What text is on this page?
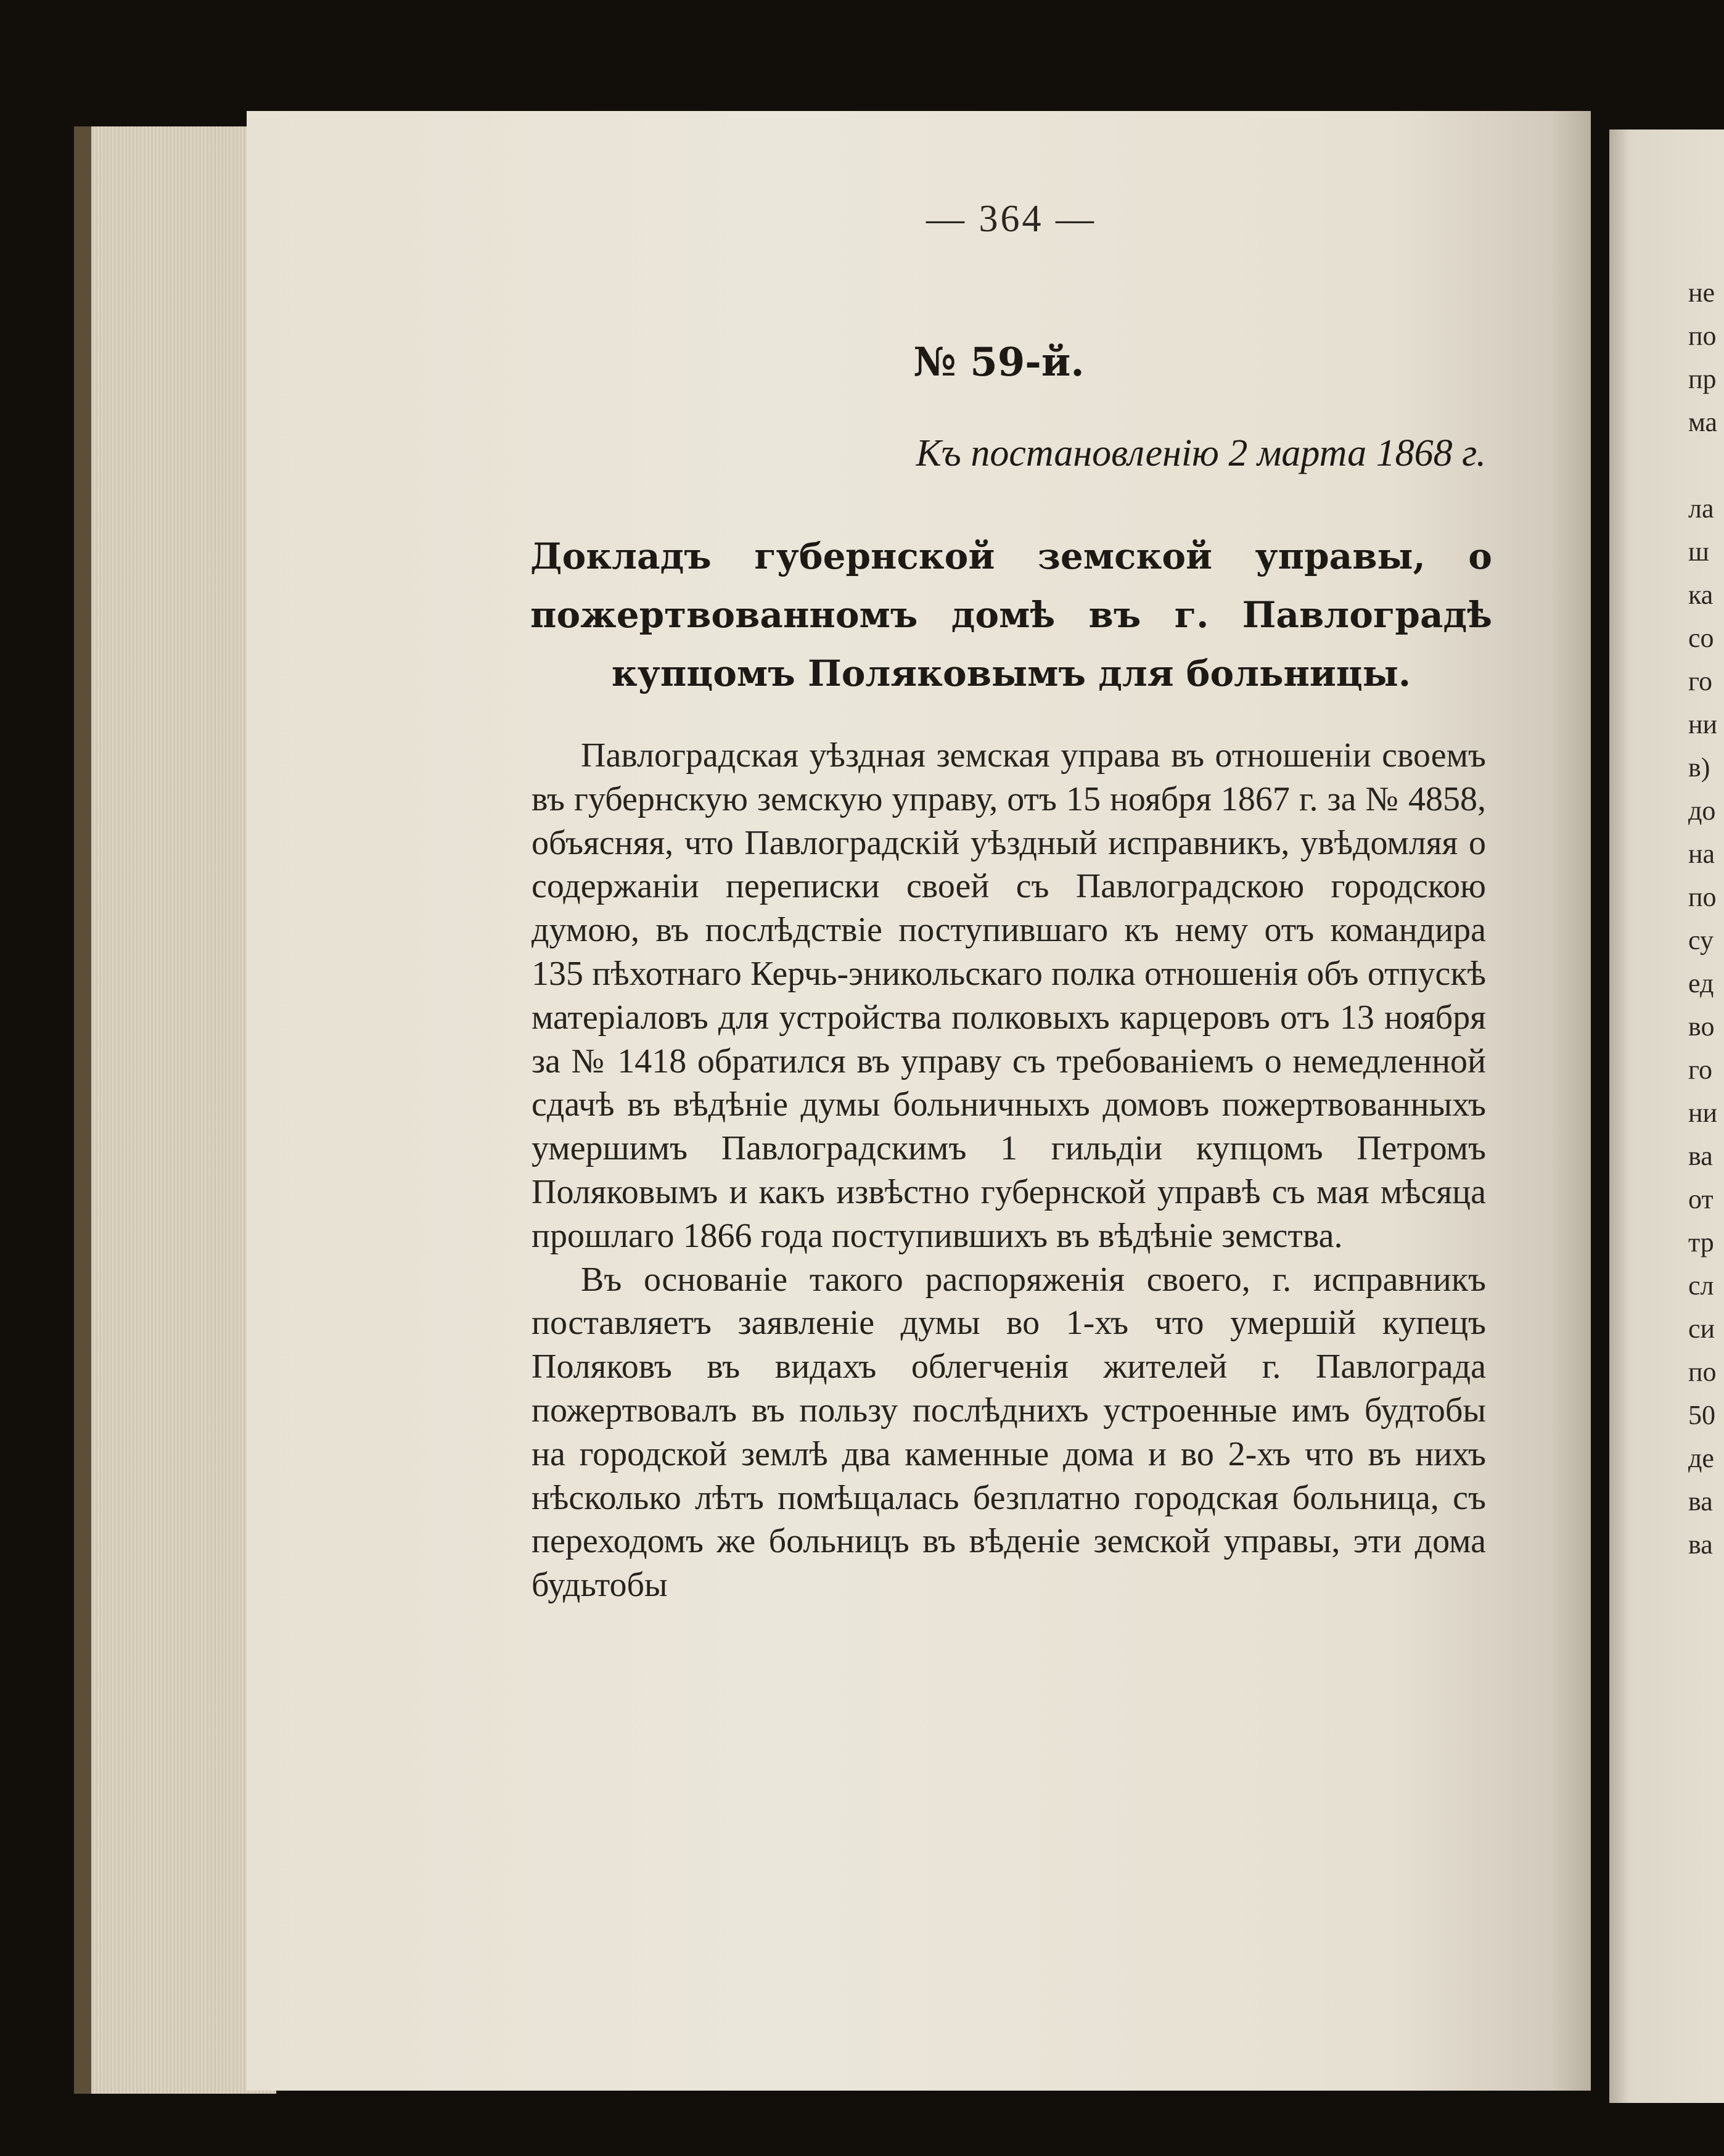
— 364 —
№ 59-й.
Къ постановленію 2 марта 1868 г.
Докладъ губернской земской управы, о пожертвованномъ домѣ въ г. Павлоградѣ купцомъ Поляковымъ для больницы.

Павлоградская уѣздная земская управа въ отношеніи своемъ въ губернскую земскую управу, отъ 15 ноября 1867 г. за № 4858, объясняя, что Павлоградскій уѣздный исправникъ, увѣдомляя о содержаніи переписки своей съ Павлоградскою городскою думою, въ послѣдствіе поступившаго къ нему отъ командира 135 пѣхотнаго Керчь-эникольскаго полка отношенія объ отпускѣ матеріаловъ для устройства полковыхъ карцеровъ отъ 13 ноября за № 1418 обратился въ управу съ требованіемъ о немедленной сдачѣ въ вѣдѣніе думы больничныхъ домовъ пожертвованныхъ умершимъ Павлоградскимъ 1 гильдіи купцомъ Петромъ Поляковымъ и какъ извѣстно губернской управѣ съ мая мѣсяца прошлаго 1866 года поступившихъ въ вѣдѣніе земства.

Въ основаніе такого распоряженія своего, г. исправникъ поставляетъ заявленіе думы во 1-хъ что умершій купецъ Поляковъ въ видахъ облегченія жителей г. Павлограда пожертвовалъ въ пользу послѣднихъ устроенные имъ будтобы на городской землѣ два каменные дома и во 2-хъ что въ нихъ нѣсколько лѣтъ помѣщалась безплатно городская больница, съ переходомъ же больницъ въ вѣденіе земской управы, эти дома будьтобы

не
по
пр
ма
ла
ш
ка
со
го
ни
в)
до
на
по
су
ед
во
го
ни
ва
от
тр
сл
си
по
50
де
ва
ва
